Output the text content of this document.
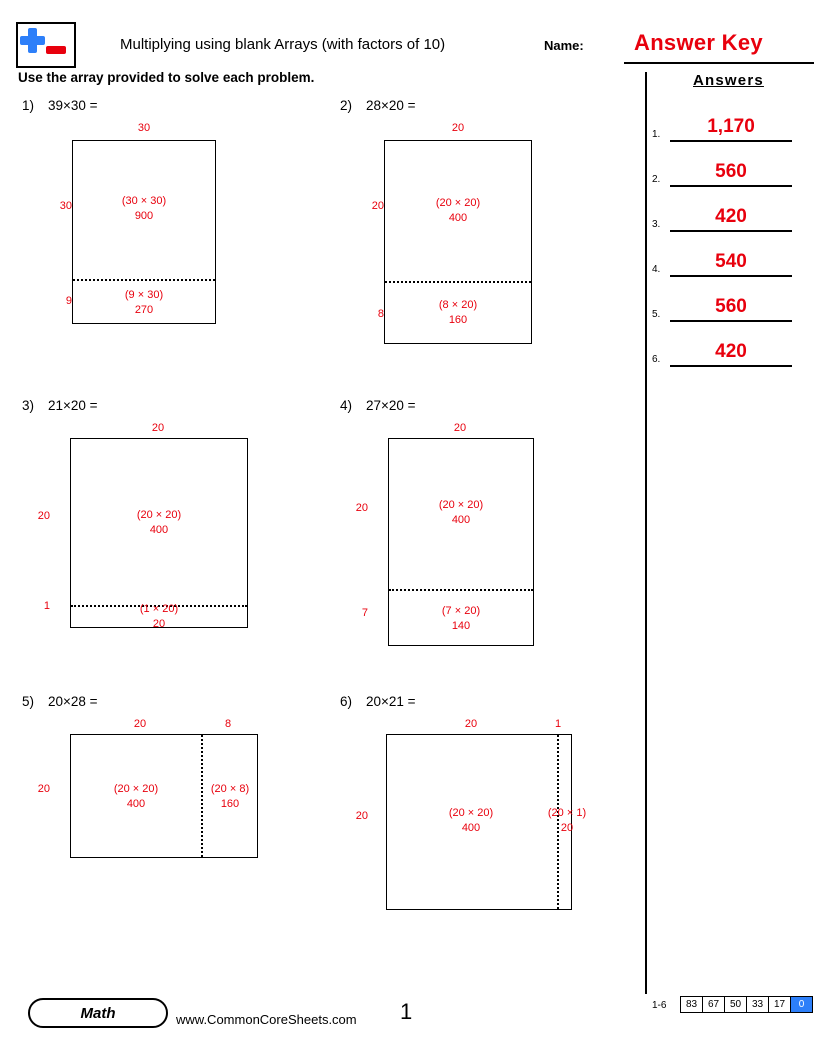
Multiplying using blank Arrays (with factors of 10)	Name: Answer Key
Use the array provided to solve each problem.	Answers
1.	1,170
2.	560
3.	420
4.	540
5.	560
6.	420
1) 39×30 =
30
30
9
(30 × 30)
900
(9 × 30)
270
2) 28×20 =
20
20
8
(20 × 20)
400
(8 × 20)
160
3) 21×20 =
20
20
1
(20 × 20)
400
(1 × 20)
20
4) 27×20 =
20
20
7
(20 × 20)
400
(7 × 20)
140
5) 20×28 =
20	8
20	(20 × 20)
400
(20 × 8)
160
6) 20×21 =
20	1
20	(20 × 20)
400
(20 × 1)
20
Math	www.CommonCoreSheets.com 1	1-6 83	67	50	33	17	0
